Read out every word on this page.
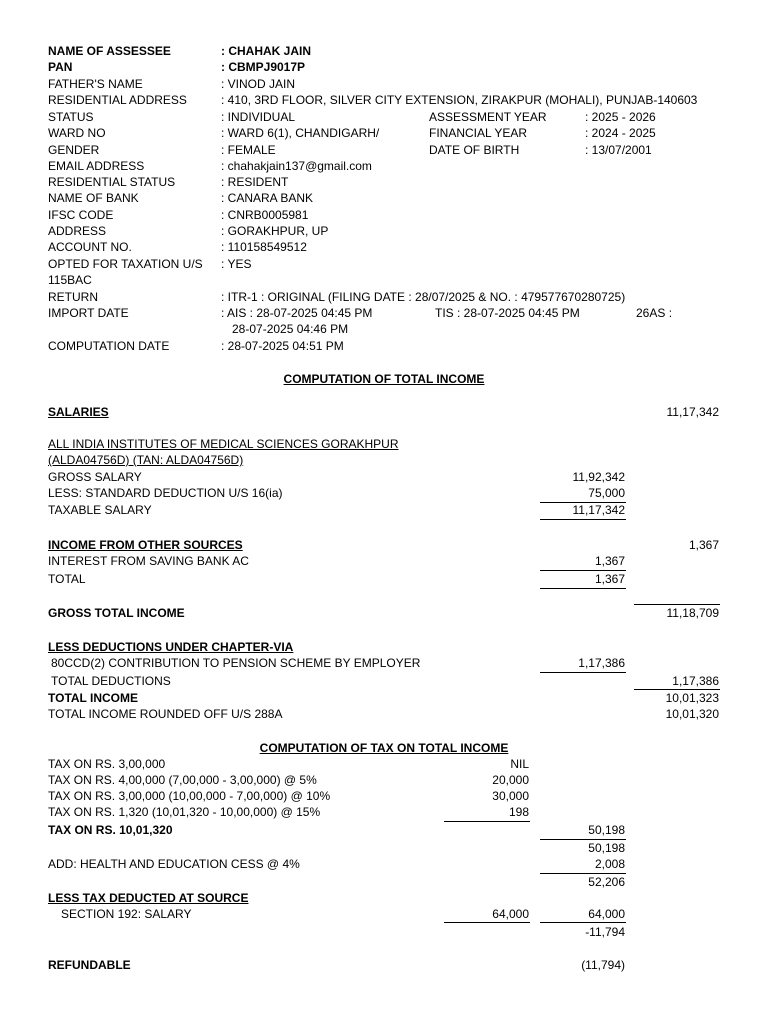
NAME OF ASSESSEE	: CHAHAK JAIN
PAN	: CBMPJ9017P
FATHER'S NAME	: VINOD JAIN
RESIDENTIAL ADDRESS	: 410, 3RD FLOOR, SILVER CITY EXTENSION, ZIRAKPUR (MOHALI), PUNJAB-140603
STATUS	: INDIVIDUAL	ASSESSMENT YEAR	: 2025 - 2026
WARD NO	: WARD 6(1), CHANDIGARH/	FINANCIAL YEAR	: 2024 - 2025
GENDER	: FEMALE	DATE OF BIRTH	: 13/07/2001
EMAIL ADDRESS	: chahakjain137@gmail.com
RESIDENTIAL STATUS	: RESIDENT
NAME OF BANK	: CANARA BANK
IFSC CODE	: CNRB0005981
ADDRESS	: GORAKHPUR, UP
ACCOUNT NO.	: 110158549512
OPTED FOR TAXATION U/S : YES
115BAC
RETURN	: ITR-1 : ORIGINAL (FILING DATE : 28/07/2025 & NO. : 479577670280725)
IMPORT DATE	: AIS : 28-07-2025 04:45 PM	TIS : 28-07-2025 04:45 PM	26AS :
28-07-2025 04:46 PM
COMPUTATION DATE	: 28-07-2025 04:51 PM
COMPUTATION OF TOTAL INCOME
SALARIES	11,17,342
ALL INDIA INSTITUTES OF MEDICAL SCIENCES GORAKHPUR
(ALDA04756D) (TAN: ALDA04756D)
GROSS SALARY	11,92,342
LESS: STANDARD DEDUCTION U/S 16(ia)	75,000
TAXABLE SALARY	11,17,342
INCOME FROM OTHER SOURCES	1,367
INTEREST FROM SAVING BANK AC	1,367
TOTAL	1,367
GROSS TOTAL INCOME	11,18,709
LESS DEDUCTIONS UNDER CHAPTER-VIA
80CCD(2) CONTRIBUTION TO PENSION SCHEME BY EMPLOYER	1,17,386
TOTAL DEDUCTIONS	1,17,386
TOTAL INCOME	10,01,323
TOTAL INCOME ROUNDED OFF U/S 288A	10,01,320
COMPUTATION OF TAX ON TOTAL INCOME
TAX ON RS. 3,00,000	NIL
TAX ON RS. 4,00,000 (7,00,000 - 3,00,000) @ 5%	20,000
TAX ON RS. 3,00,000 (10,00,000 - 7,00,000) @ 10%	30,000
TAX ON RS. 1,320 (10,01,320 - 10,00,000) @ 15%	198
TAX ON RS. 10,01,320	50,198
50,198
ADD: HEALTH AND EDUCATION CESS @ 4%	2,008
52,206
LESS TAX DEDUCTED AT SOURCE
SECTION 192: SALARY	64,000	64,000
-11,794
REFUNDABLE	(11,794)
